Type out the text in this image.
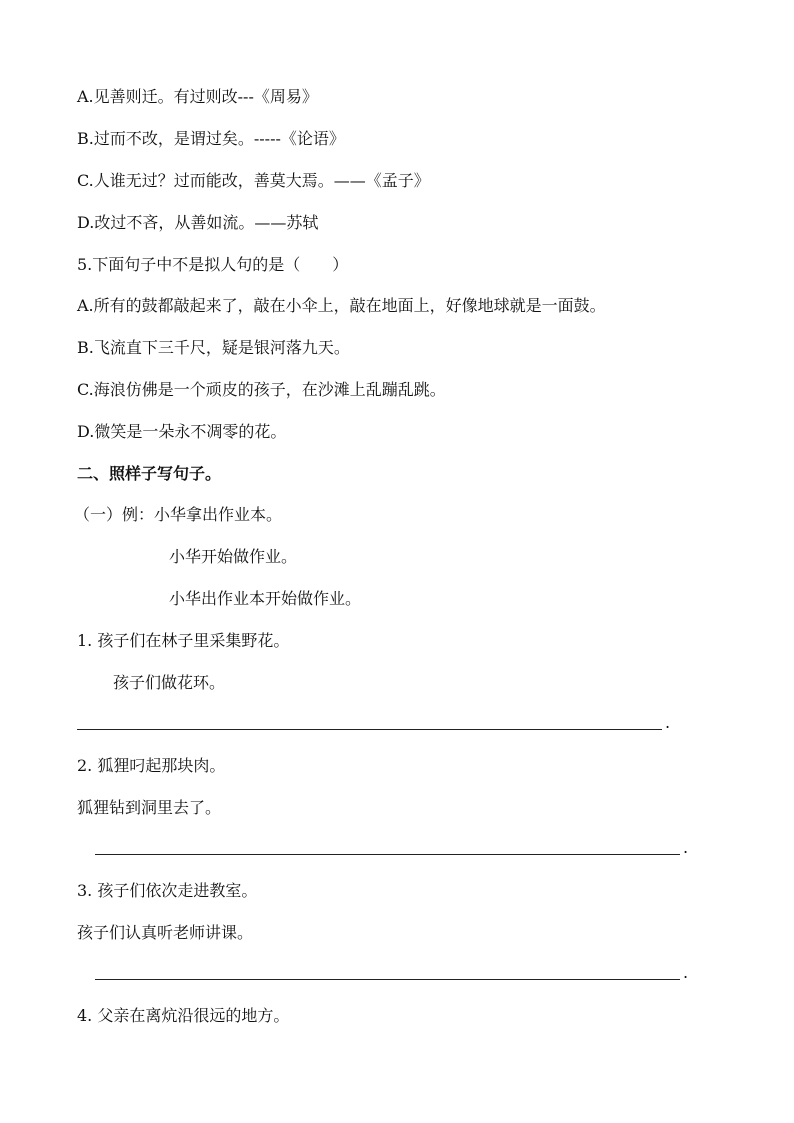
A.见善则迁。有过则改---《周易》
B.过而不改，是谓过矣。-----《论语》
C.人谁无过？过而能改，善莫大焉。——《孟子》
D.改过不吝，从善如流。——苏轼
5.下面句子中不是拟人句的是（　　）
A.所有的鼓都敲起来了，敲在小伞上，敲在地面上，好像地球就是一面鼓。
B.飞流直下三千尺，疑是银河落九天。
C.海浪仿佛是一个顽皮的孩子，在沙滩上乱蹦乱跳。
D.微笑是一朵永不凋零的花。
二、照样子写句子。
（一）例：小华拿出作业本。
小华开始做作业。
小华出作业本开始做作业。
1. 孩子们在林子里采集野花。
孩子们做花环。
.
2. 狐狸叼起那块肉。
狐狸钻到洞里去了。
.
3. 孩子们依次走进教室。
孩子们认真听老师讲课。
.
4. 父亲在离炕沿很远的地方。
